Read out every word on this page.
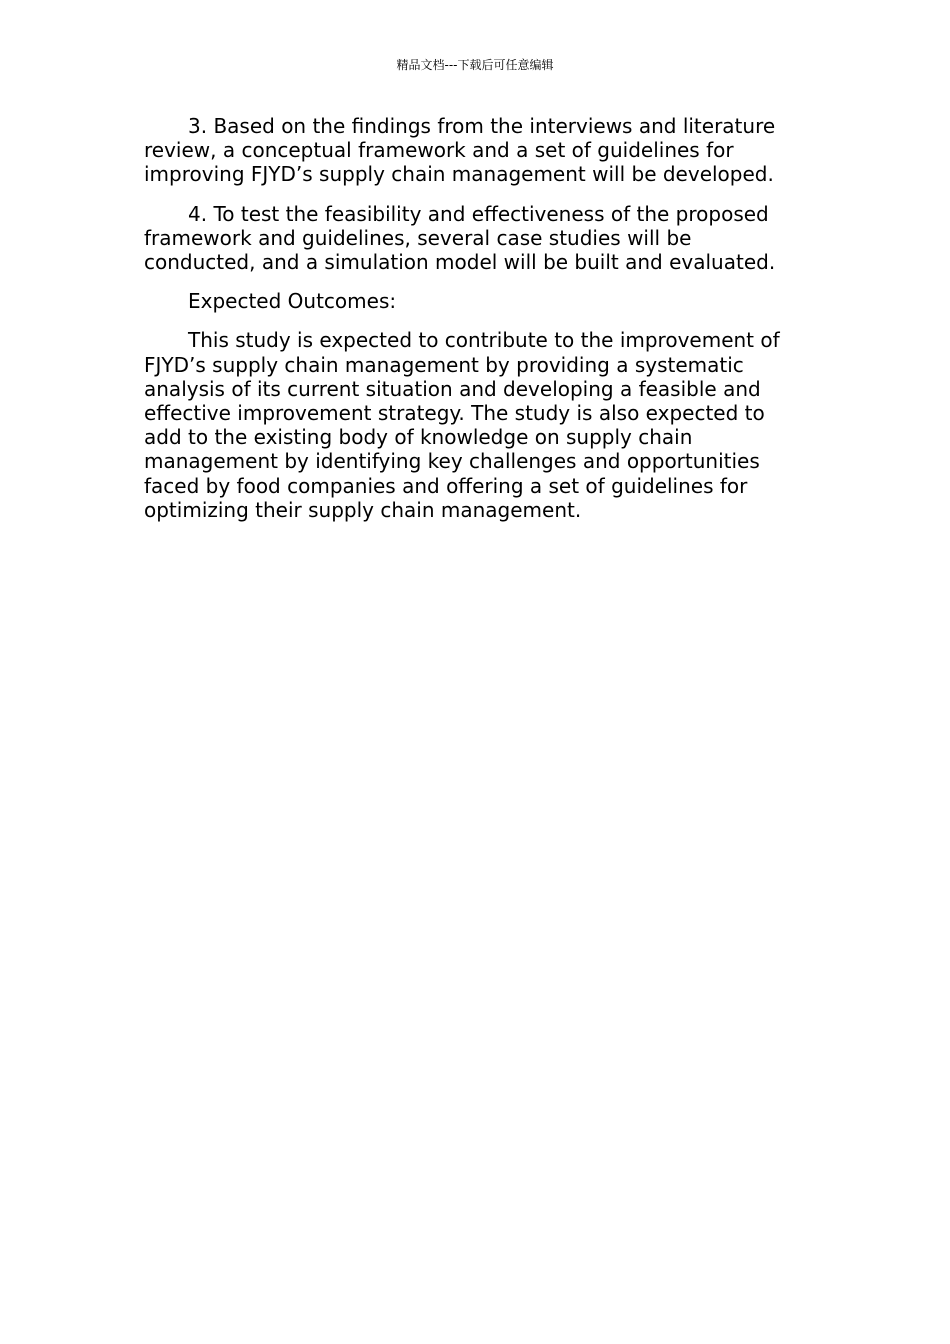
精品文档---下载后可任意编辑

3. Based on the findings from the interviews and literature
review, a conceptual framework and a set of guidelines for
improving FJYD’s supply chain management will be developed.

4. To test the feasibility and effectiveness of the proposed
framework and guidelines, several case studies will be
conducted, and a simulation model will be built and evaluated.

Expected Outcomes:

This study is expected to contribute to the improvement of
FJYD’s supply chain management by providing a systematic
analysis of its current situation and developing a feasible and
effective improvement strategy. The study is also expected to
add to the existing body of knowledge on supply chain
management by identifying key challenges and opportunities
faced by food companies and offering a set of guidelines for
optimizing their supply chain management.
